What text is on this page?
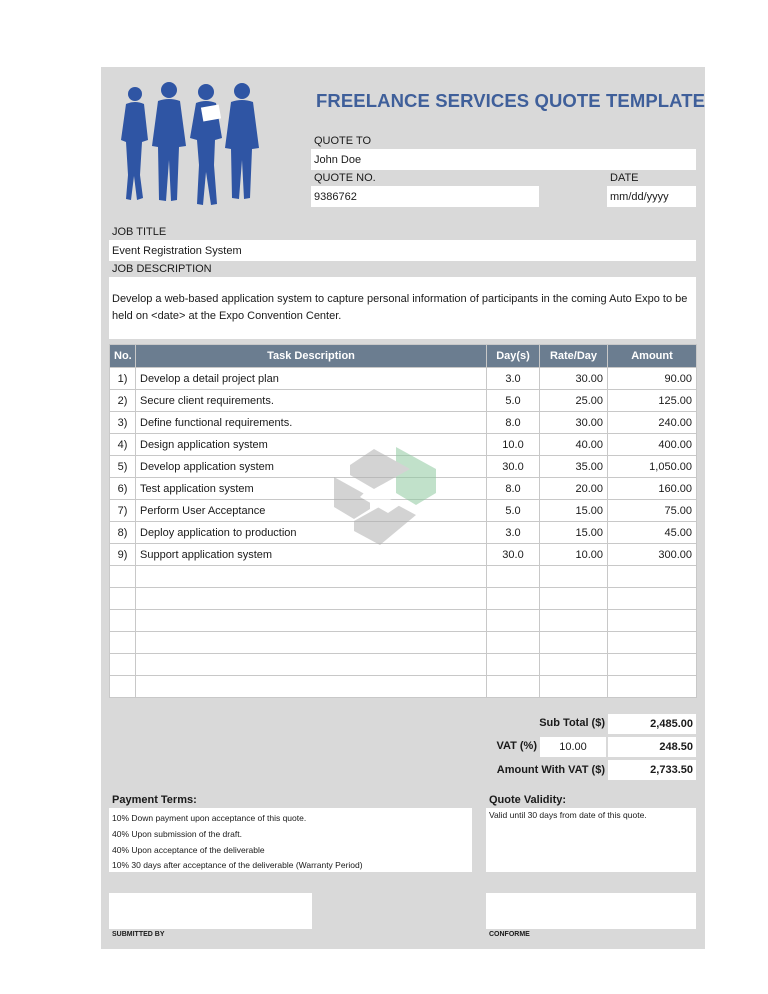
FREELANCE SERVICES QUOTE TEMPLATE
QUOTE TO
John Doe
QUOTE NO.	DATE
9386762	mm/dd/yyyy
JOB TITLE
Event Registration System
JOB DESCRIPTION
Develop a web-based application system to capture personal information of participants in the coming Auto Expo to be
held on <date> at the Expo Convention Center.
No.	Task Description	Day(s)	Rate/Day	Amount
1)	Develop a detail project plan	3.0	30.00	90.00
2)	Secure client requirements.	5.0	25.00	125.00
3)	Define functional requirements.	8.0	30.00	240.00
4)	Design application system	10.0	40.00	400.00
5)	Develop application system	30.0	35.00	1,050.00
6)	Test application system	8.0	20.00	160.00
7)	Perform User Acceptance	5.0	15.00	75.00
8)	Deploy application to production	3.0	15.00	45.00
9)	Support application system	30.0	10.00	300.00

Sub Total ($)	2,485.00
VAT (%)	10.00	248.50
Amount With VAT ($)	2,733.50
Payment Terms:
10% Down payment upon acceptance of this quote.
40% Upon submission of the draft.
40% Upon acceptance of the deliverable
10% 30 days after acceptance of the deliverable (Warranty Period)
Quote Validity:
Valid until 30 days from date of this quote.
SUBMITTED BY	CONFORME
